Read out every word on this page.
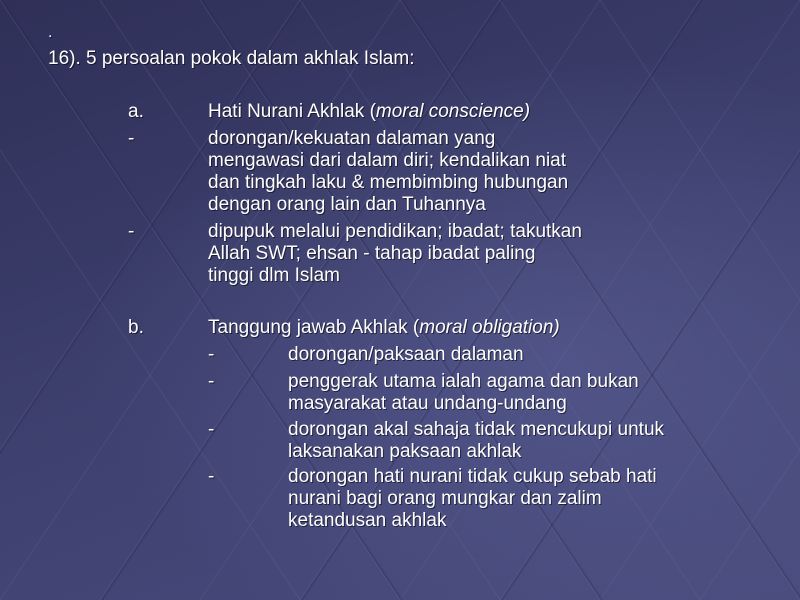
.
16). 5 persoalan pokok dalam akhlak Islam:
a.	Hati Nurani Akhlak (moral conscience)
-	dorongan/kekuatan dalaman yang
mengawasi dari dalam diri; kendalikan niat
dan tingkah laku & membimbing hubungan
dengan orang lain dan Tuhannya
-	dipupuk melalui pendidikan; ibadat; takutkan
Allah SWT; ehsan - tahap ibadat paling
tinggi dlm Islam
b.	Tanggung jawab Akhlak (moral obligation)
-	dorongan/paksaan dalaman
-	penggerak utama ialah agama dan bukan
masyarakat atau undang-undang
-	dorongan akal sahaja tidak mencukupi untuk
laksanakan paksaan akhlak
-	dorongan hati nurani tidak cukup sebab hati
nurani bagi orang mungkar dan zalim
ketandusan akhlak
